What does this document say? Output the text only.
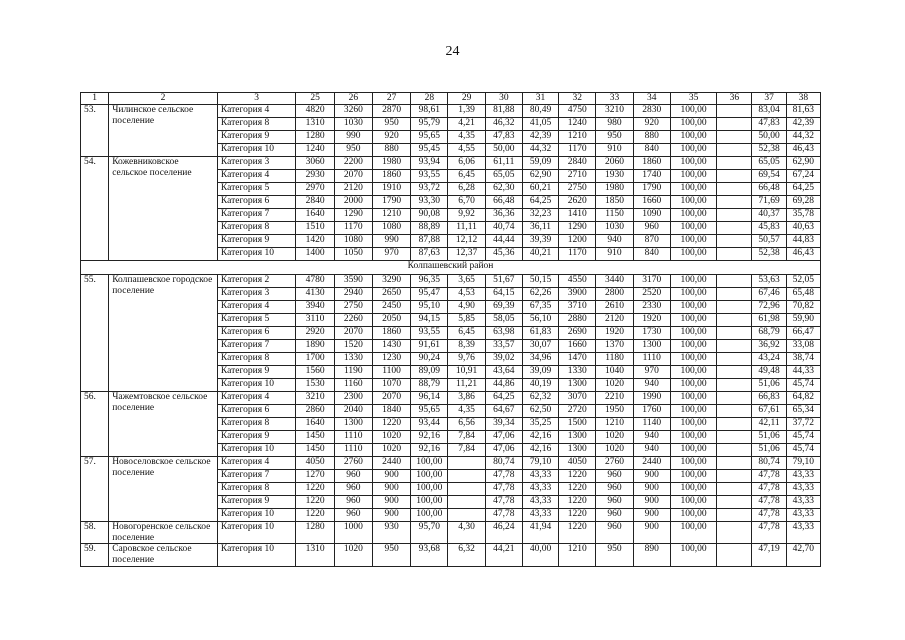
24
1	2	3	25	26	27	28	29	30	31	32	33	34	35	36	37	38
53.	Чилинское сельское поселение	Категория 4	4820	3260	2870	98,61	1,39	81,88	80,49	4750	3210	2830	100,00		83,04	81,63
		Категория 8	1310	1030	950	95,79	4,21	46,32	41,05	1240	980	920	100,00		47,83	42,39
		Категория 9	1280	990	920	95,65	4,35	47,83	42,39	1210	950	880	100,00		50,00	44,32
		Категория 10	1240	950	880	95,45	4,55	50,00	44,32	1170	910	840	100,00		52,38	46,43
54.	Кожевниковское сельское поселение	Категория 3	3060	2200	1980	93,94	6,06	61,11	59,09	2840	2060	1860	100,00		65,05	62,90
		Категория 4	2930	2070	1860	93,55	6,45	65,05	62,90	2710	1930	1740	100,00		69,54	67,24
		Категория 5	2970	2120	1910	93,72	6,28	62,30	60,21	2750	1980	1790	100,00		66,48	64,25
		Категория 6	2840	2000	1790	93,30	6,70	66,48	64,25	2620	1850	1660	100,00		71,69	69,28
		Категория 7	1640	1290	1210	90,08	9,92	36,36	32,23	1410	1150	1090	100,00		40,37	35,78
		Категория 8	1510	1170	1080	88,89	11,11	40,74	36,11	1290	1030	960	100,00		45,83	40,63
		Категория 9	1420	1080	990	87,88	12,12	44,44	39,39	1200	940	870	100,00		50,57	44,83
		Категория 10	1400	1050	970	87,63	12,37	45,36	40,21	1170	910	840	100,00		52,38	46,43
Колпашевский район																
55.	Колпашевское городское поселение	Категория 2	4780	3590	3290	96,35	3,65	51,67	50,15	4550	3440	3170	100,00		53,63	52,05
		Категория 3	4130	2940	2650	95,47	4,53	64,15	62,26	3900	2800	2520	100,00		67,46	65,48
		Категория 4	3940	2750	2450	95,10	4,90	69,39	67,35	3710	2610	2330	100,00		72,96	70,82
		Категория 5	3110	2260	2050	94,15	5,85	58,05	56,10	2880	2120	1920	100,00		61,98	59,90
		Категория 6	2920	2070	1860	93,55	6,45	63,98	61,83	2690	1920	1730	100,00		68,79	66,47
		Категория 7	1890	1520	1430	91,61	8,39	33,57	30,07	1660	1370	1300	100,00		36,92	33,08
		Категория 8	1700	1330	1230	90,24	9,76	39,02	34,96	1470	1180	1110	100,00		43,24	38,74
		Категория 9	1560	1190	1100	89,09	10,91	43,64	39,09	1330	1040	970	100,00		49,48	44,33
		Категория 10	1530	1160	1070	88,79	11,21	44,86	40,19	1300	1020	940	100,00		51,06	45,74
56.	Чажемтовское сельское поселение	Категория 4	3210	2300	2070	96,14	3,86	64,25	62,32	3070	2210	1990	100,00		66,83	64,82
		Категория 6	2860	2040	1840	95,65	4,35	64,67	62,50	2720	1950	1760	100,00		67,61	65,34
		Категория 8	1640	1300	1220	93,44	6,56	39,34	35,25	1500	1210	1140	100,00		42,11	37,72
		Категория 9	1450	1110	1020	92,16	7,84	47,06	42,16	1300	1020	940	100,00		51,06	45,74
		Категория 10	1450	1110	1020	92,16	7,84	47,06	42,16	1300	1020	940	100,00		51,06	45,74
57.	Новоселовское сельское поселение	Категория 4	4050	2760	2440	100,00		80,74	79,10	4050	2760	2440	100,00		80,74	79,10
		Категория 7	1270	960	900	100,00		47,78	43,33	1220	960	900	100,00		47,78	43,33
		Категория 8	1220	960	900	100,00		47,78	43,33	1220	960	900	100,00		47,78	43,33
		Категория 9	1220	960	900	100,00		47,78	43,33	1220	960	900	100,00		47,78	43,33
		Категория 10	1220	960	900	100,00		47,78	43,33	1220	960	900	100,00		47,78	43,33
58.	Новогоренское сельское поселение	Категория 10	1280	1000	930	95,70	4,30	46,24	41,94	1220	960	900	100,00		47,78	43,33
59.	Саровское сельское поселение	Категория 10	1310	1020	950	93,68	6,32	44,21	40,00	1210	950	890	100,00		47,19	42,70
